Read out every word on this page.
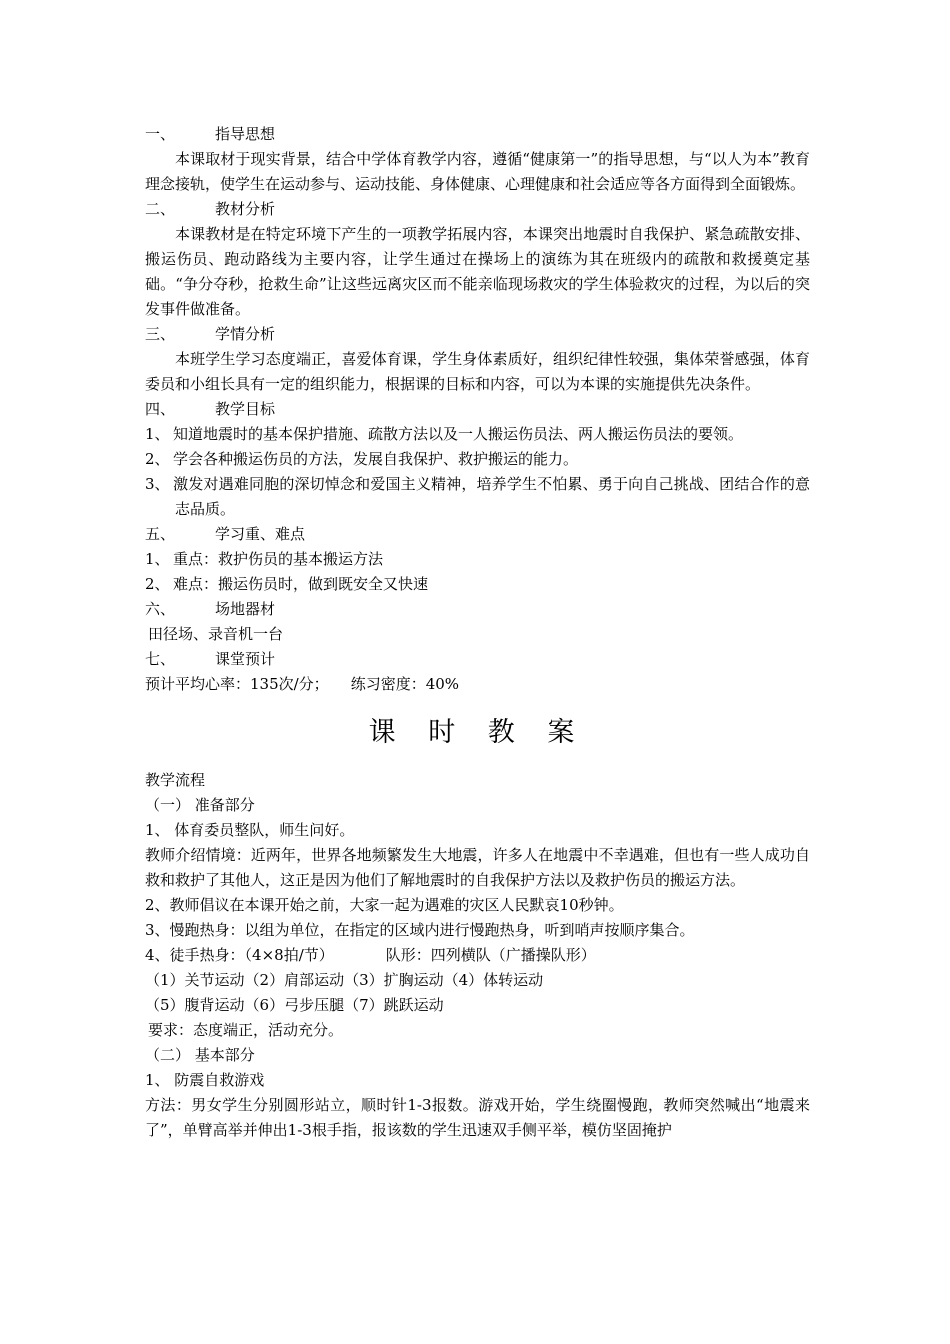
一、	指导思想
本课取材于现实背景，结合中学体育教学内容，遵循“健康第一”的指导思想，与“以人为本”教育理念接轨，使学生在运动参与、运动技能、身体健康、心理健康和社会适应等各方面得到全面锻炼。
二、	教材分析
本课教材是在特定环境下产生的一项教学拓展内容，本课突出地震时自我保护、紧急疏散安排、搬运伤员、跑动路线为主要内容，让学生通过在操场上的演练为其在班级内的疏散和救援奠定基础。“争分夺秒，抢救生命”让这些远离灾区而不能亲临现场救灾的学生体验救灾的过程，为以后的突发事件做准备。
三、	学情分析
本班学生学习态度端正，喜爱体育课，学生身体素质好，组织纪律性较强，集体荣誉感强，体育委员和小组长具有一定的组织能力，根据课的目标和内容，可以为本课的实施提供先决条件。
四、	教学目标
1、 知道地震时的基本保护措施、疏散方法以及一人搬运伤员法、两人搬运伤员法的要领。
2、 学会各种搬运伤员的方法，发展自我保护、救护搬运的能力。
3、 激发对遇难同胞的深切悼念和爱国主义精神，培养学生不怕累、勇于向自己挑战、团结合作的意志品质。
五、	学习重、难点
1、 重点：救护伤员的基本搬运方法
2、 难点：搬运伤员时，做到既安全又快速
六、	场地器材
田径场、录音机一台
七、	课堂预计
预计平均心率：135次/分； 练习密度：40%
课 时 教 案
教学流程
（一） 准备部分
1、 体育委员整队，师生问好。
教师介绍情境：近两年，世界各地频繁发生大地震，许多人在地震中不幸遇难，但也有一些人成功自救和救护了其他人，这正是因为他们了解地震时的自我保护方法以及救护伤员的搬运方法。
2、教师倡议在本课开始之前，大家一起为遇难的灾区人民默哀10秒钟。
3、慢跑热身：以组为单位，在指定的区域内进行慢跑热身，听到哨声按顺序集合。
4、徒手热身：（4×8拍/节）	队形：四列横队（广播操队形）
（1）关节运动（2）肩部运动（3）扩胸运动（4）体转运动
（5）腹背运动（6）弓步压腿（7）跳跃运动
要求：态度端正，活动充分。
（二） 基本部分
1、 防震自救游戏
方法：男女学生分别圆形站立，顺时针1-3报数。游戏开始，学生绕圈慢跑，教师突然喊出“地震来了”，单臂高举并伸出1-3根手指，报该数的学生迅速双手侧平举，模仿坚固掩护
